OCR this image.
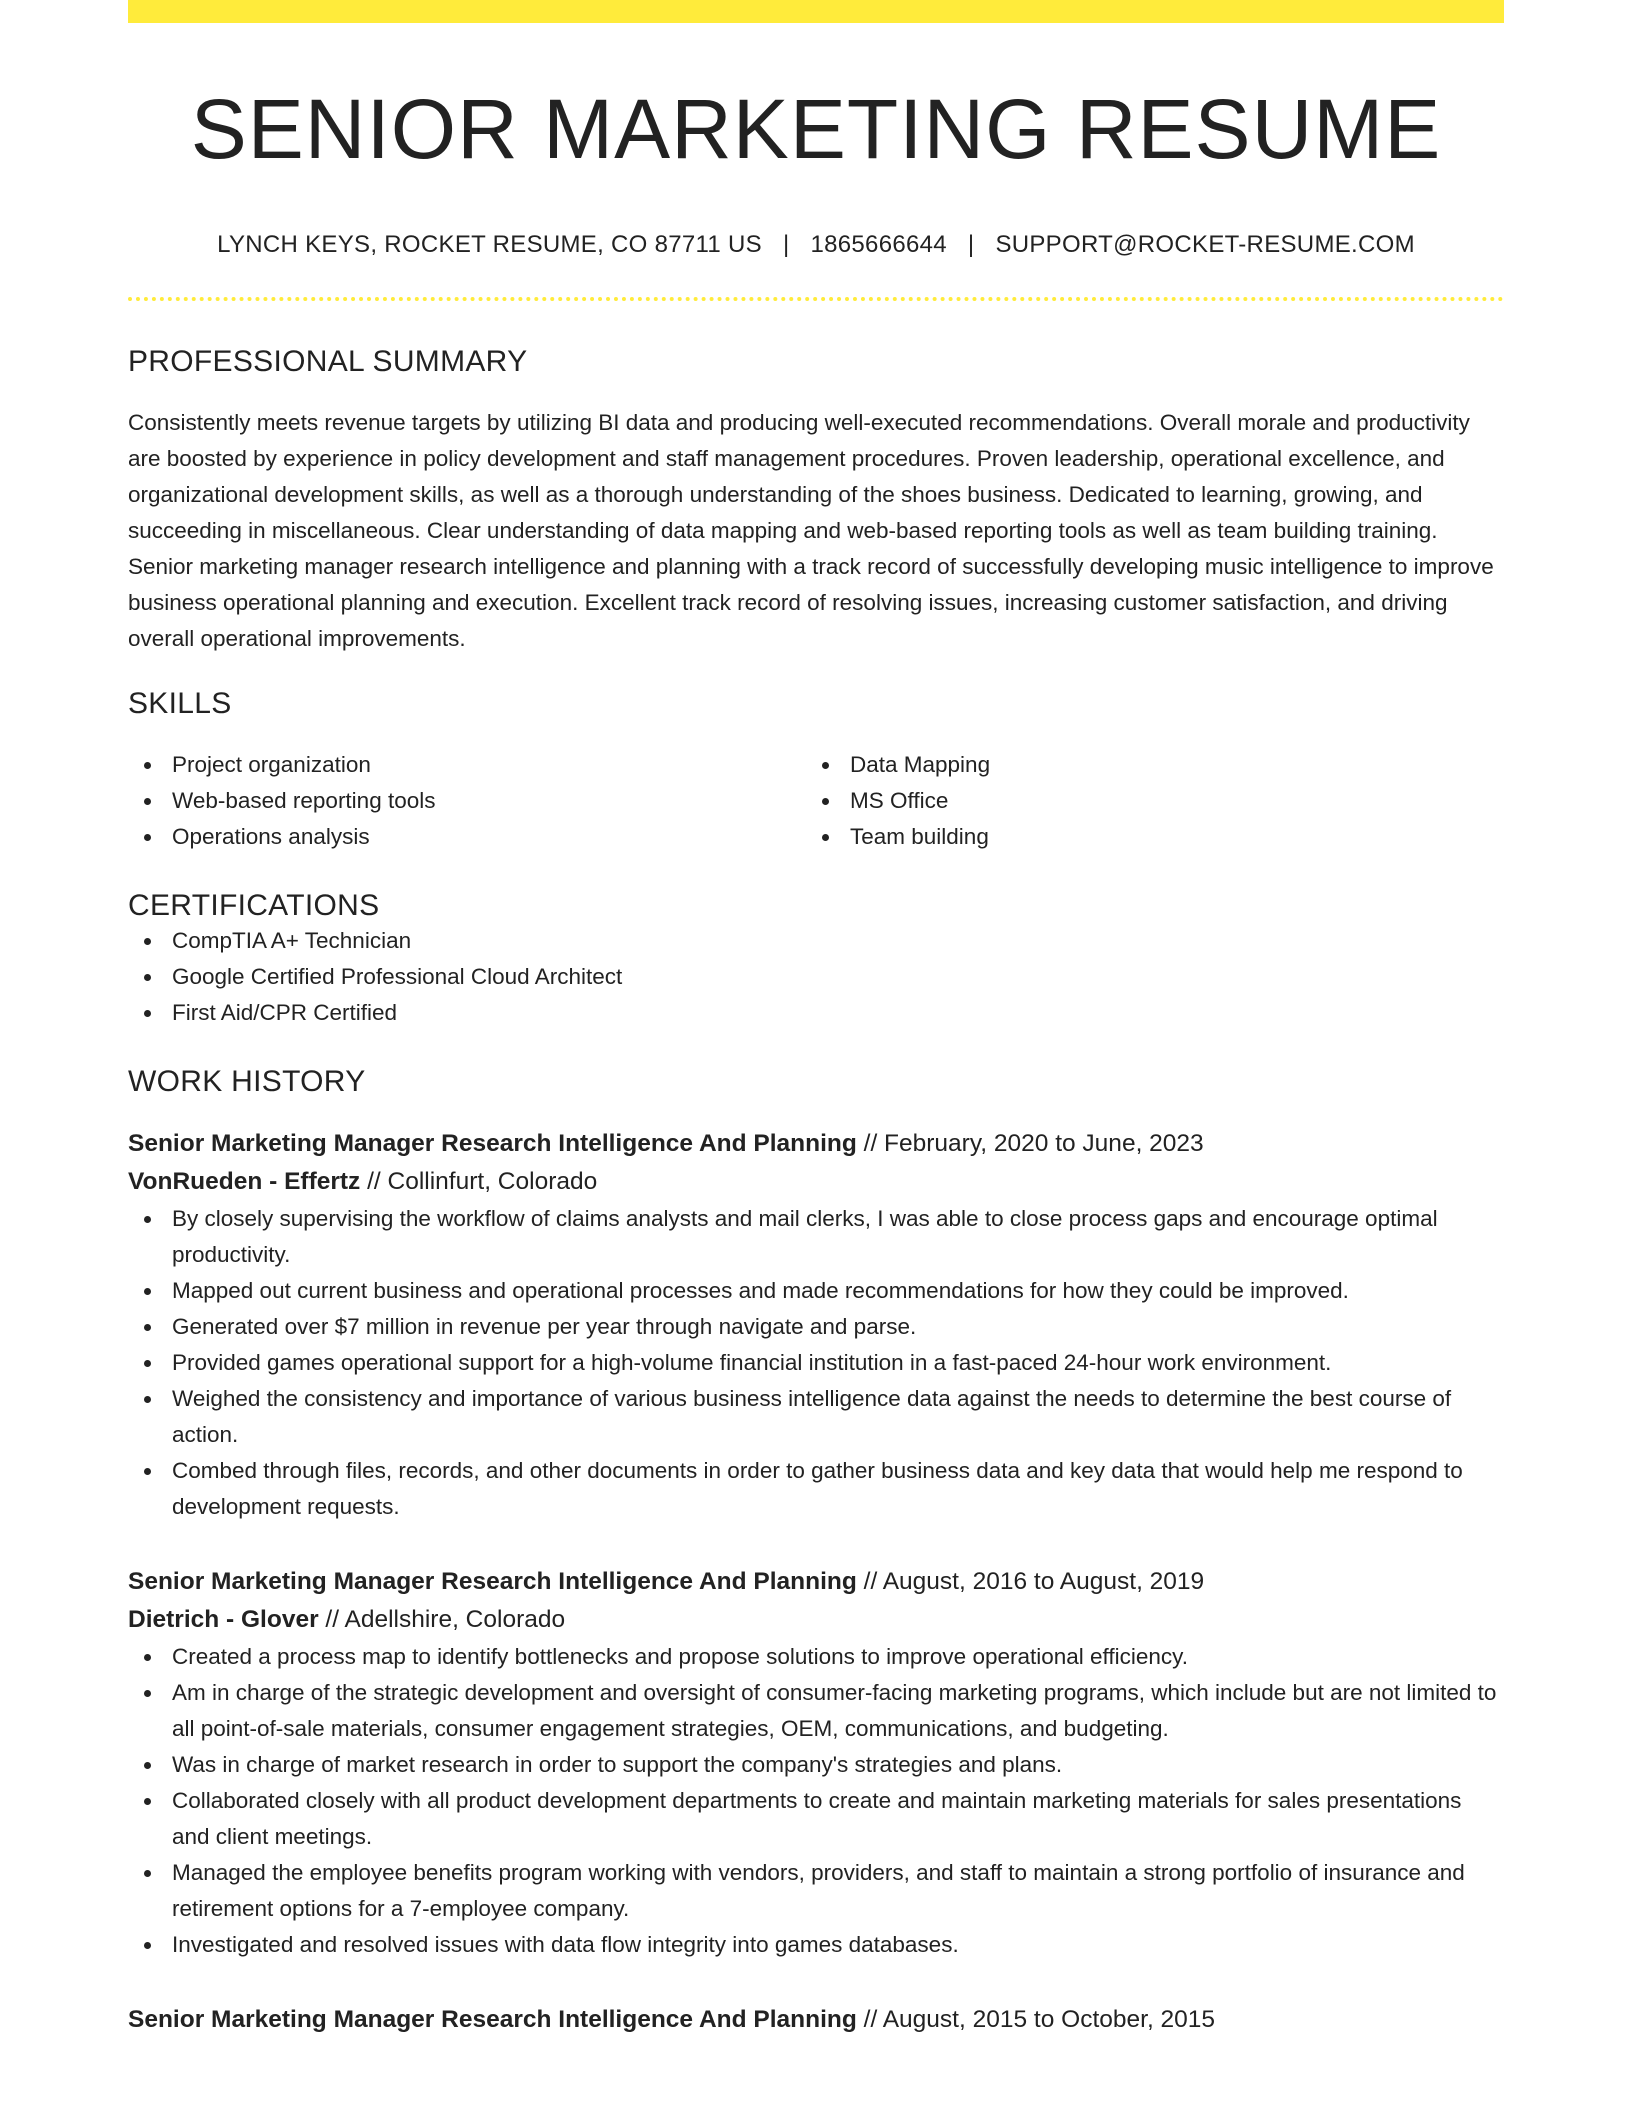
SENIOR MARKETING RESUME
LYNCH KEYS, ROCKET RESUME, CO 87711 US | 1865666644 | SUPPORT@ROCKET-RESUME.COM
PROFESSIONAL SUMMARY

Consistently meets revenue targets by utilizing BI data and producing well-executed recommendations. Overall morale and productivity are boosted by experience in policy development and staff management procedures. Proven leadership, operational excellence, and organizational development skills, as well as a thorough understanding of the shoes business. Dedicated to learning, growing, and succeeding in miscellaneous. Clear understanding of data mapping and web-based reporting tools as well as team building training. Senior marketing manager research intelligence and planning with a track record of successfully developing music intelligence to improve business operational planning and execution. Excellent track record of resolving issues, increasing customer satisfaction, and driving overall operational improvements.

SKILLS
Project organization
Web-based reporting tools
Operations analysis
Data Mapping
MS Office
Team building
CERTIFICATIONS
CompTIA A+ Technician
Google Certified Professional Cloud Architect
First Aid/CPR Certified
WORK HISTORY
Senior Marketing Manager Research Intelligence And Planning // February, 2020 to June, 2023
VonRueden - Effertz // Collinfurt, Colorado
By closely supervising the workflow of claims analysts and mail clerks, I was able to close process gaps and encourage optimal productivity.
Mapped out current business and operational processes and made recommendations for how they could be improved.
Generated over $7 million in revenue per year through navigate and parse.
Provided games operational support for a high-volume financial institution in a fast-paced 24-hour work environment.
Weighed the consistency and importance of various business intelligence data against the needs to determine the best course of action.
Combed through files, records, and other documents in order to gather business data and key data that would help me respond to development requests.
Senior Marketing Manager Research Intelligence And Planning // August, 2016 to August, 2019
Dietrich - Glover // Adellshire, Colorado
Created a process map to identify bottlenecks and propose solutions to improve operational efficiency.
Am in charge of the strategic development and oversight of consumer-facing marketing programs, which include but are not limited to all point-of-sale materials, consumer engagement strategies, OEM, communications, and budgeting.
Was in charge of market research in order to support the company's strategies and plans.
Collaborated closely with all product development departments to create and maintain marketing materials for sales presentations and client meetings.
Managed the employee benefits program working with vendors, providers, and staff to maintain a strong portfolio of insurance and retirement options for a 7-employee company.
Investigated and resolved issues with data flow integrity into games databases.
Senior Marketing Manager Research Intelligence And Planning // August, 2015 to October, 2015
